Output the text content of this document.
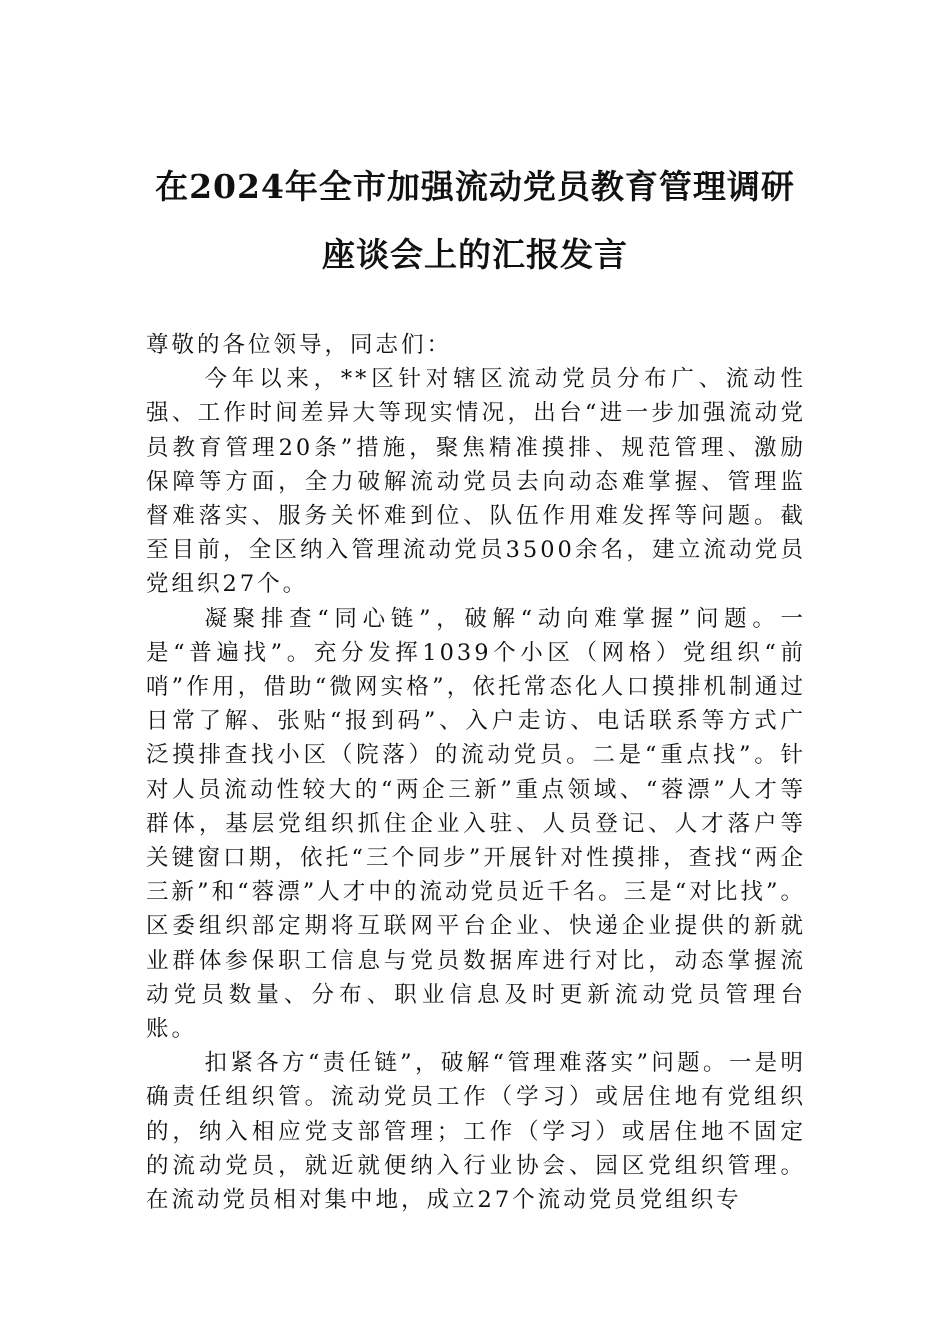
在2024年全市加强流动党员教育管理调研
座谈会上的汇报发言

尊敬的各位领导，同志们：

今年以来，**区针对辖区流动党员分布广、流动性强、工作时间差异大等现实情况，出台“进一步加强流动党员教育管理20条”措施，聚焦精准摸排、规范管理、激励保障等方面，全力破解流动党员去向动态难掌握、管理监督难落实、服务关怀难到位、队伍作用难发挥等问题。截至目前，全区纳入管理流动党员3500余名，建立流动党员党组织27个。

凝聚排查“同心链”，破解“动向难掌握”问题。一是“普遍找”。充分发挥1039个小区（网格）党组织“前哨”作用，借助“微网实格”，依托常态化人口摸排机制通过日常了解、张贴“报到码”、入户走访、电话联系等方式广泛摸排查找小区（院落）的流动党员。二是“重点找”。针对人员流动性较大的“两企三新”重点领域、“蓉漂”人才等群体，基层党组织抓住企业入驻、人员登记、人才落户等关键窗口期，依托“三个同步”开展针对性摸排，查找“两企三新”和“蓉漂”人才中的流动党员近千名。三是“对比找”。区委组织部定期将互联网平台企业、快递企业提供的新就业群体参保职工信息与党员数据库进行对比，动态掌握流动党员数量、分布、职业信息及时更新流动党员管理台账。

扣紧各方“责任链”，破解“管理难落实”问题。一是明确责任组织管。流动党员工作（学习）或居住地有党组织的，纳入相应党支部管理；工作（学习）或居住地不固定的流动党员，就近就便纳入行业协会、园区党组织管理。在流动党员相对集中地，成立27个流动党员党组织专
